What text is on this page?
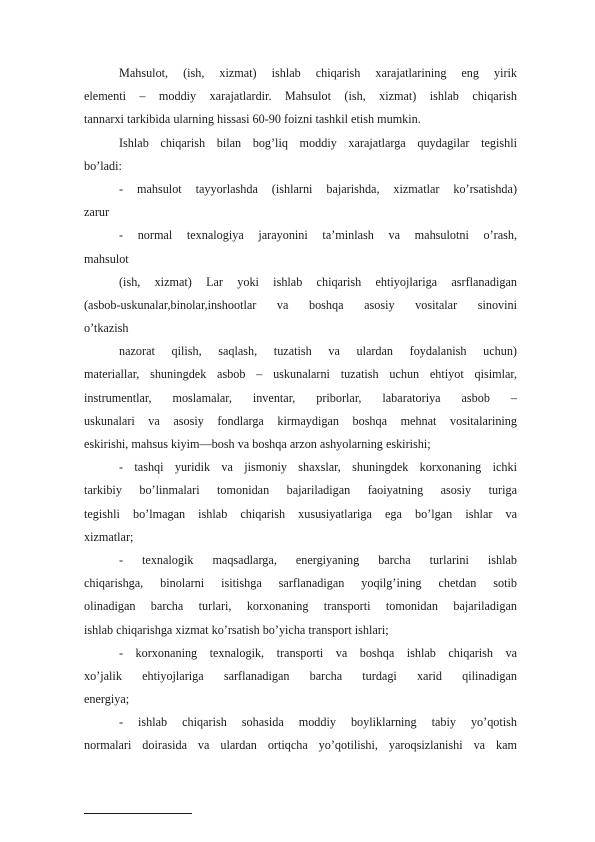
Mahsulot, (ish, xizmat) ishlab chiqarish xarajatlarining eng yirik
elementi – moddiy xarajatlardir. Mahsulot (ish, xizmat) ishlab chiqarish
tannarxi tarkibida ularning hissasi 60-90 foizni tashkil etish mumkin.
Ishlab chiqarish bilan bog’liq moddiy xarajatlarga quydagilar tegishli
bo’ladi:
- mahsulot tayyorlashda (ishlarni bajarishda, xizmatlar ko’rsatishda)
zarur
- normal texnalogiya jarayonini ta’minlash va mahsulotni o’rash,
mahsulot
(ish, xizmat) Lar yoki ishlab chiqarish ehtiyojlariga asrflanadigan
(asbob-uskunalar,binolar,inshootlar va boshqa asosiy vositalar sinovini
o’tkazish
nazorat qilish, saqlash, tuzatish va ulardan foydalanish uchun)
materiallar, shuningdek asbob – uskunalarni tuzatish uchun ehtiyot qisimlar,
instrumentlar, moslamalar, inventar, priborlar, labaratoriya asbob –
uskunalari va asosiy fondlarga kirmaydigan boshqa mehnat vositalarining
eskirishi, mahsus kiyim—bosh va boshqa arzon ashyolarning eskirishi;
- tashqi yuridik va jismoniy shaxslar, shuningdek korxonaning ichki
tarkibiy bo’linmalari tomonidan bajariladigan faoiyatning asosiy turiga
tegishli bo’lmagan ishlab chiqarish xususiyatlariga ega bo’lgan ishlar va
xizmatlar;
- texnalogik maqsadlarga, energiyaning barcha turlarini ishlab
chiqarishga, binolarni isitishga sarflanadigan yoqilg’ining chetdan sotib
olinadigan barcha turlari, korxonaning transporti tomonidan bajariladigan
ishlab chiqarishga xizmat ko’rsatish bo’yicha transport ishlari;
- korxonaning texnalogik, transporti va boshqa ishlab chiqarish va
xo’jalik ehtiyojlariga sarflanadigan barcha turdagi xarid qilinadigan
energiya;
- ishlab chiqarish sohasida moddiy boyliklarning tabiy yo’qotish
normalari doirasida va ulardan ortiqcha yo’qotilishi, yaroqsizlanishi va kam
